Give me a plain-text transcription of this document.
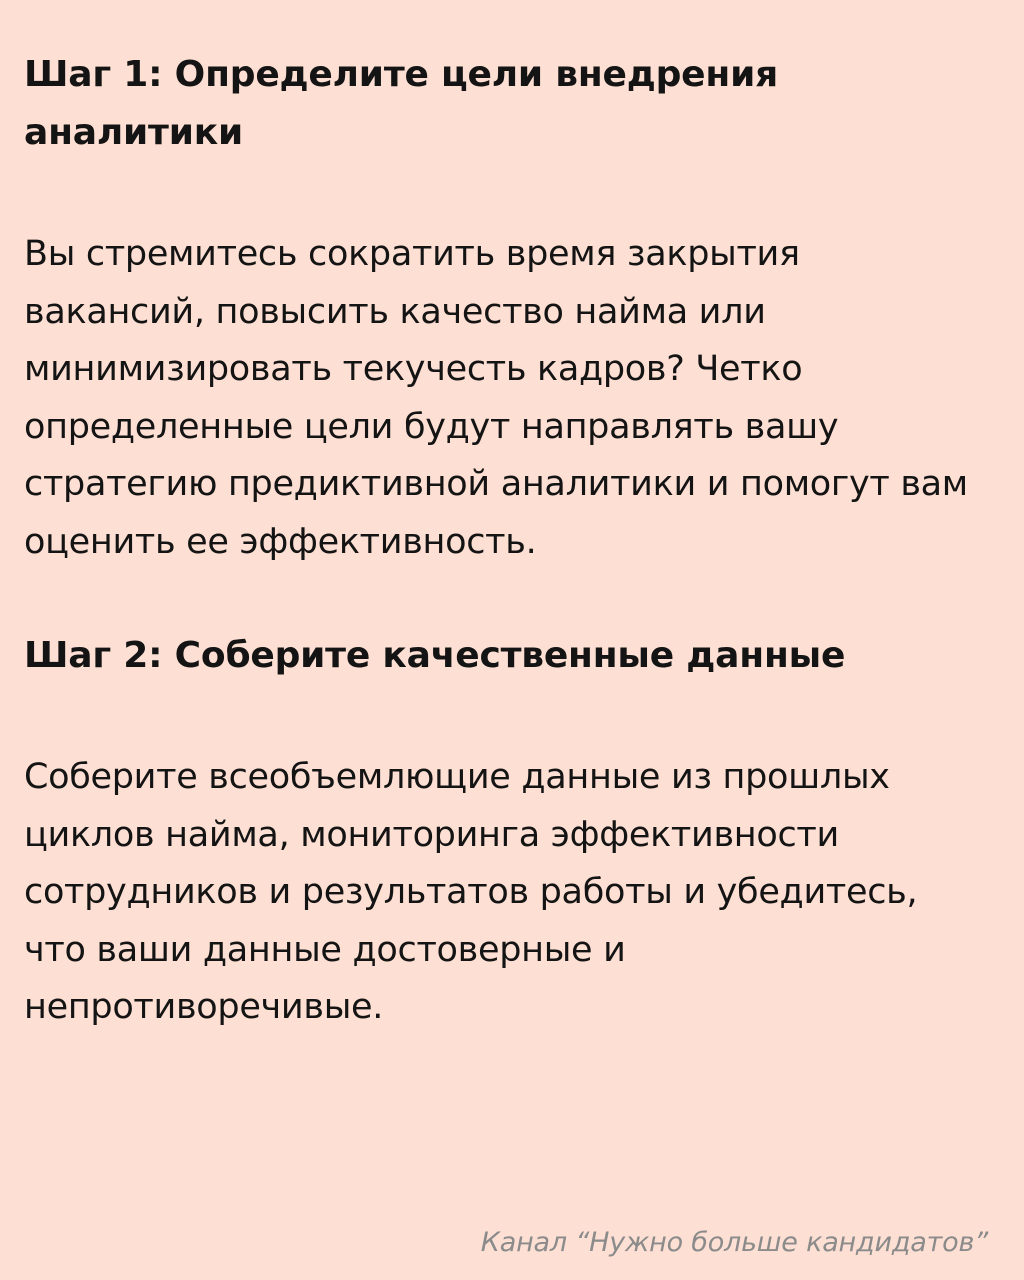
Шаг 1: Определите цели внедрения аналитики

Вы стремитесь сократить время закрытия вакансий, повысить качество найма или минимизировать текучесть кадров? Четко определенные цели будут направлять вашу стратегию предиктивной аналитики и помогут вам оценить ее эффективность.

Шаг 2: Соберите качественные данные

Соберите всеобъемлющие данные из прошлых циклов найма, мониторинга эффективности сотрудников и результатов работы и убедитесь, что ваши данные достоверные и непротиворечивые.

Канал “Нужно больше кандидатов”
